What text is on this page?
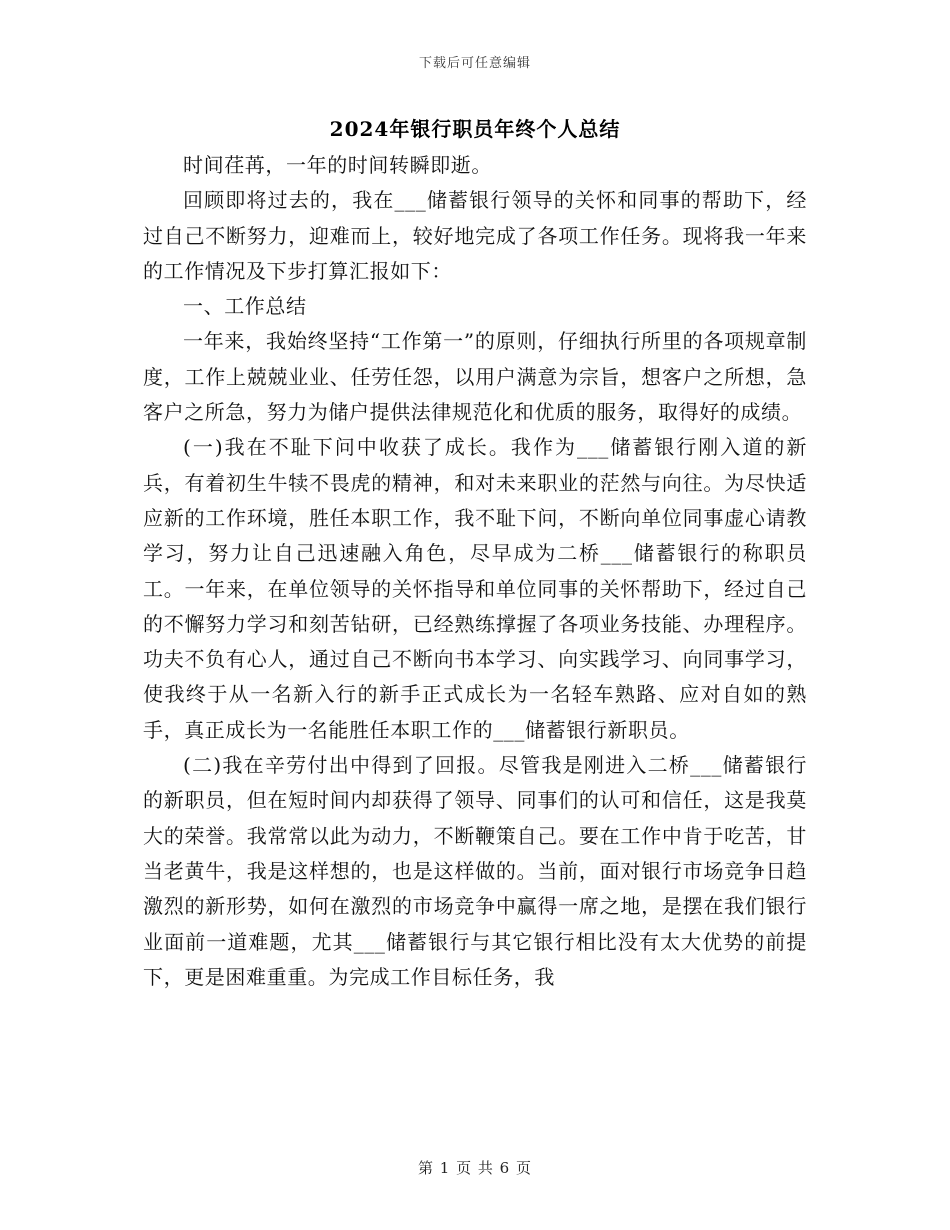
下载后可任意编辑
2024年银行职员年终个人总结

时间荏苒，一年的时间转瞬即逝。

回顾即将过去的，我在___储蓄银行领导的关怀和同事的帮助下，经过自己不断努力，迎难而上，较好地完成了各项工作任务。现将我一年来的工作情况及下步打算汇报如下：

一、工作总结

一年来，我始终坚持“工作第一”的原则，仔细执行所里的各项规章制度，工作上兢兢业业、任劳任怨，以用户满意为宗旨，想客户之所想，急客户之所急，努力为储户提供法律规范化和优质的服务，取得好的成绩。

(一)我在不耻下问中收获了成长。我作为___储蓄银行刚入道的新兵，有着初生牛犊不畏虎的精神，和对未来职业的茫然与向往。为尽快适应新的工作环境，胜任本职工作，我不耻下问，不断向单位同事虚心请教学习，努力让自己迅速融入角色，尽早成为二桥___储蓄银行的称职员工。一年来，在单位领导的关怀指导和单位同事的关怀帮助下，经过自己的不懈努力学习和刻苦钻研，已经熟练撑握了各项业务技能、办理程序。功夫不负有心人，通过自己不断向书本学习、向实践学习、向同事学习，使我终于从一名新入行的新手正式成长为一名轻车熟路、应对自如的熟手，真正成长为一名能胜任本职工作的___储蓄银行新职员。

(二)我在辛劳付出中得到了回报。尽管我是刚进入二桥___储蓄银行的新职员，但在短时间内却获得了领导、同事们的认可和信任，这是我莫大的荣誉。我常常以此为动力，不断鞭策自己。要在工作中肯于吃苦，甘当老黄牛，我是这样想的，也是这样做的。当前，面对银行市场竞争日趋激烈的新形势，如何在激烈的市场竞争中赢得一席之地，是摆在我们银行业面前一道难题，尤其___储蓄银行与其它银行相比没有太大优势的前提下，更是困难重重。为完成工作目标任务，我

第 1 页 共 6 页
